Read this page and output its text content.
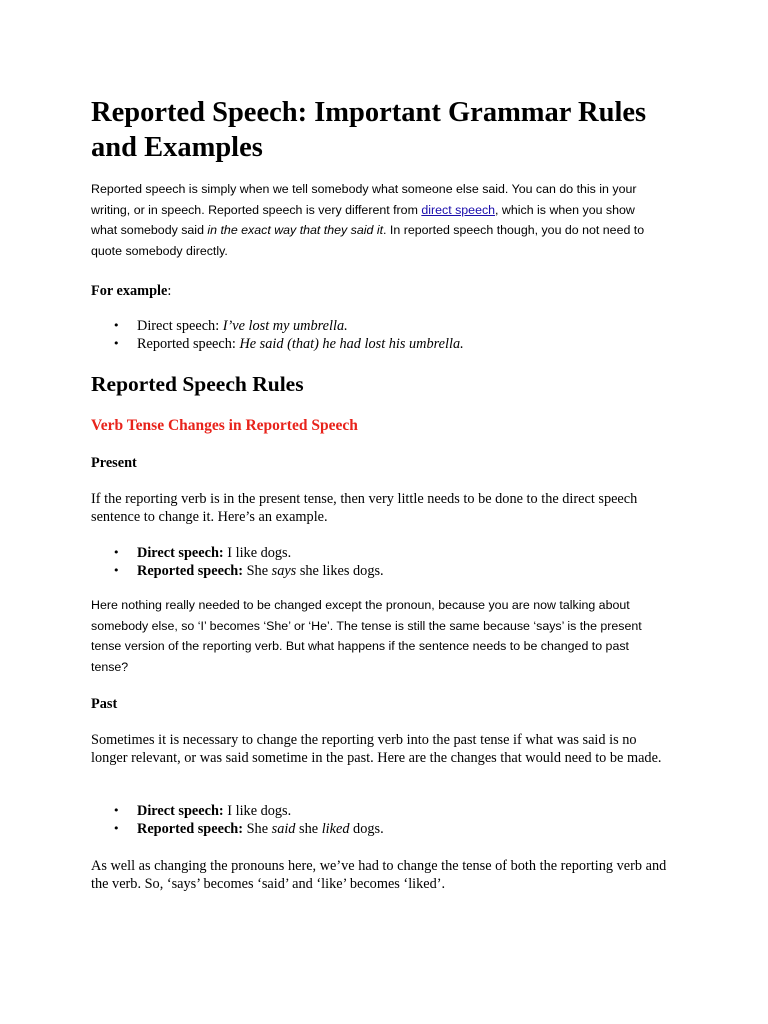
Reported Speech: Important Grammar Rules and Examples

Reported speech is simply when we tell somebody what someone else said. You can do this in your writing, or in speech. Reported speech is very different from direct speech, which is when you show what somebody said in the exact way that they said it. In reported speech though, you do not need to quote somebody directly.

For example:

• Direct speech: I’ve lost my umbrella.
• Reported speech: He said (that) he had lost his umbrella.
Reported Speech Rules
Verb Tense Changes in Reported Speech

Present

If the reporting verb is in the present tense, then very little needs to be done to the direct speech sentence to change it. Here’s an example.

• Direct speech: I like dogs.
• Reported speech: She says she likes dogs.

Here nothing really needed to be changed except the pronoun, because you are now talking about somebody else, so ‘I’ becomes ‘She’ or ‘He’. The tense is still the same because ‘says’ is the present tense version of the reporting verb. But what happens if the sentence needs to be changed to past tense?

Past

Sometimes it is necessary to change the reporting verb into the past tense if what was said is no longer relevant, or was said sometime in the past. Here are the changes that would need to be made.

• Direct speech: I like dogs.
• Reported speech: She said she liked dogs.

As well as changing the pronouns here, we’ve had to change the tense of both the reporting verb and the verb. So, ‘says’ becomes ‘said’ and ‘like’ becomes ‘liked’.
